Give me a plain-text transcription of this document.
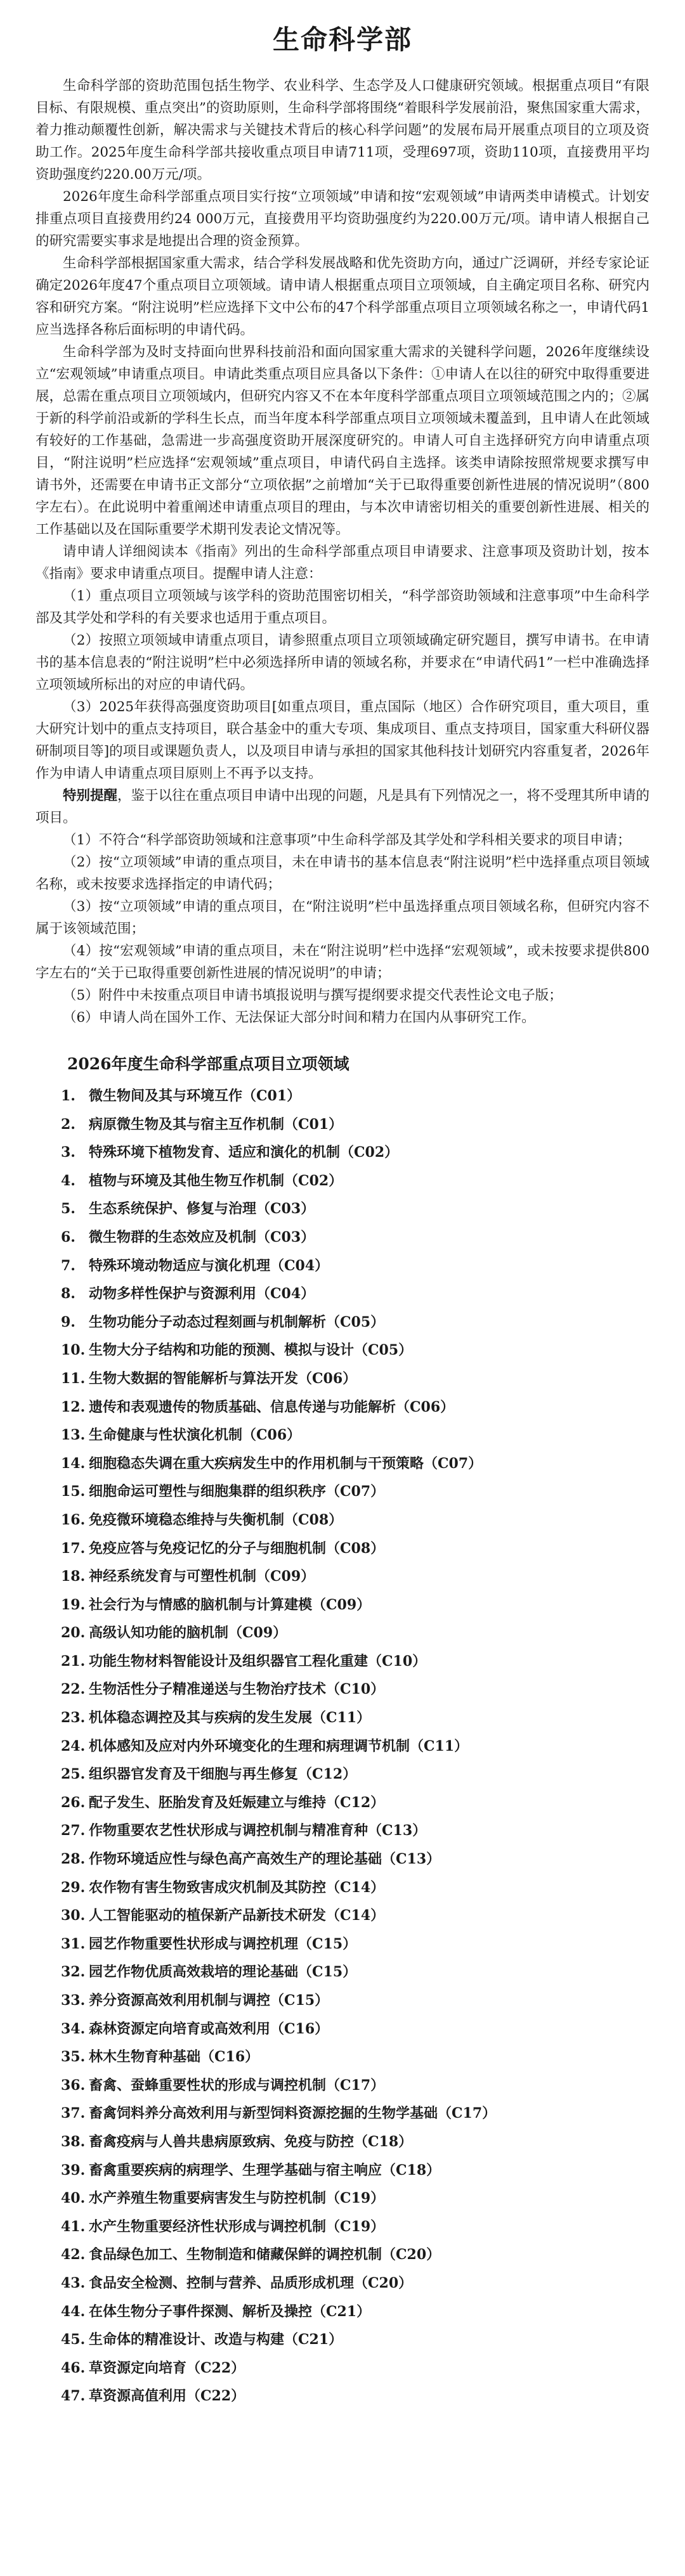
生命科学部

生命科学部的资助范围包括生物学、农业科学、生态学及人口健康研究领域。根据重点项目“有限目标、有限规模、重点突出”的资助原则，生命科学部将围绕“着眼科学发展前沿，聚焦国家重大需求，着力推动颠覆性创新，解决需求与关键技术背后的核心科学问题”的发展布局开展重点项目的立项及资助工作。2025年度生命科学部共接收重点项目申请711项，受理697项，资助110项，直接费用平均资助强度约220.00万元/项。

2026年度生命科学部重点项目实行按“立项领域”申请和按“宏观领域”申请两类申请模式。计划安排重点项目直接费用约24 000万元，直接费用平均资助强度约为220.00万元/项。请申请人根据自己的研究需要实事求是地提出合理的资金预算。

生命科学部根据国家重大需求，结合学科发展战略和优先资助方向，通过广泛调研，并经专家论证确定2026年度47个重点项目立项领域。请申请人根据重点项目立项领域，自主确定项目名称、研究内容和研究方案。“附注说明”栏应选择下文中公布的47个科学部重点项目立项领域名称之一，申请代码1应当选择各称后面标明的申请代码。

生命科学部为及时支持面向世界科技前沿和面向国家重大需求的关键科学问题，2026年度继续设立“宏观领域”申请重点项目。申请此类重点项目应具备以下条件：①申请人在以往的研究中取得重要进展，总需在重点项目立项领域内，但研究内容又不在本年度科学部重点项目立项领域范围之内的；②属于新的科学前沿或新的学科生长点，而当年度本科学部重点项目立项领域未覆盖到，且申请人在此领域有较好的工作基础，急需进一步高强度资助开展深度研究的。申请人可自主选择研究方向申请重点项目，“附注说明”栏应选择“宏观领域”重点项目，申请代码自主选择。该类申请除按照常规要求撰写申请书外，还需要在申请书正文部分“立项依据”之前增加“关于已取得重要创新性进展的情况说明”（800字左右）。在此说明中着重阐述申请重点项目的理由，与本次申请密切相关的重要创新性进展、相关的工作基础以及在国际重要学术期刊发表论文情况等。

请申请人详细阅读本《指南》列出的生命科学部重点项目申请要求、注意事项及资助计划，按本《指南》要求申请重点项目。提醒申请人注意：

（1）重点项目立项领域与该学科的资助范围密切相关，“科学部资助领域和注意事项”中生命科学部及其学处和学科的有关要求也适用于重点项目。

（2）按照立项领域申请重点项目，请参照重点项目立项领域确定研究题目，撰写申请书。在申请书的基本信息表的“附注说明”栏中必须选择所申请的领域名称，并要求在“申请代码1”一栏中准确选择立项领域所标出的对应的申请代码。

（3）2025年获得高强度资助项目[如重点项目，重点国际（地区）合作研究项目，重大项目，重大研究计划中的重点支持项目，联合基金中的重大专项、集成项目、重点支持项目，国家重大科研仪器研制项目等]的项目或课题负责人，以及项目申请与承担的国家其他科技计划研究内容重复者，2026年作为申请人申请重点项目原则上不再予以支持。

特别提醒，鉴于以往在重点项目申请中出现的问题，凡是具有下列情况之一，将不受理其所申请的项目。

（1）不符合“科学部资助领域和注意事项”中生命科学部及其学处和学科相关要求的项目申请；

（2）按“立项领域”申请的重点项目，未在申请书的基本信息表“附注说明”栏中选择重点项目领域名称，或未按要求选择指定的申请代码；

（3）按“立项领域”申请的重点项目，在“附注说明”栏中虽选择重点项目领域名称，但研究内容不属于该领域范围；

（4）按“宏观领域”申请的重点项目，未在“附注说明”栏中选择“宏观领域”，或未按要求提供800字左右的“关于已取得重要创新性进展的情况说明”的申请；

（5）附件中未按重点项目申请书填报说明与撰写提纲要求提交代表性论文电子版；

（6）申请人尚在国外工作、无法保证大部分时间和精力在国内从事研究工作。

2026年度生命科学部重点项目立项领域
1. 微生物间及其与环境互作（C01）
2. 病原微生物及其与宿主互作机制（C01）
3. 特殊环境下植物发育、适应和演化的机制（C02）
4. 植物与环境及其他生物互作机制（C02）
5. 生态系统保护、修复与治理（C03）
6. 微生物群的生态效应及机制（C03）
7. 特殊环境动物适应与演化机理（C04）
8. 动物多样性保护与资源利用（C04）
9. 生物功能分子动态过程刻画与机制解析（C05）
10. 生物大分子结构和功能的预测、模拟与设计（C05）
11. 生物大数据的智能解析与算法开发（C06）
12. 遗传和表观遗传的物质基础、信息传递与功能解析（C06）
13. 生命健康与性状演化机制（C06）
14. 细胞稳态失调在重大疾病发生中的作用机制与干预策略（C07）
15. 细胞命运可塑性与细胞集群的组织秩序（C07）
16. 免疫微环境稳态维持与失衡机制（C08）
17. 免疫应答与免疫记忆的分子与细胞机制（C08）
18. 神经系统发育与可塑性机制（C09）
19. 社会行为与情感的脑机制与计算建模（C09）
20. 高级认知功能的脑机制（C09）
21. 功能生物材料智能设计及组织器官工程化重建（C10）
22. 生物活性分子精准递送与生物治疗技术（C10）
23. 机体稳态调控及其与疾病的发生发展（C11）
24. 机体感知及应对内外环境变化的生理和病理调节机制（C11）
25. 组织器官发育及干细胞与再生修复（C12）
26. 配子发生、胚胎发育及妊娠建立与维持（C12）
27. 作物重要农艺性状形成与调控机制与精准育种（C13）
28. 作物环境适应性与绿色高产高效生产的理论基础（C13）
29. 农作物有害生物致害成灾机制及其防控（C14）
30. 人工智能驱动的植保新产品新技术研发（C14）
31. 园艺作物重要性状形成与调控机理（C15）
32. 园艺作物优质高效栽培的理论基础（C15）
33. 养分资源高效利用机制与调控（C15）
34. 森林资源定向培育或高效利用（C16）
35. 林木生物育种基础（C16）
36. 畜禽、蚕蜂重要性状的形成与调控机制（C17）
37. 畜禽饲料养分高效利用与新型饲料资源挖掘的生物学基础（C17）
38. 畜禽疫病与人兽共患病原致病、免疫与防控（C18）
39. 畜禽重要疾病的病理学、生理学基础与宿主响应（C18）
40. 水产养殖生物重要病害发生与防控机制（C19）
41. 水产生物重要经济性状形成与调控机制（C19）
42. 食品绿色加工、生物制造和储藏保鲜的调控机制（C20）
43. 食品安全检测、控制与营养、品质形成机理（C20）
44. 在体生物分子事件探测、解析及操控（C21）
45. 生命体的精准设计、改造与构建（C21）
46. 草资源定向培育（C22）
47. 草资源高值利用（C22）
